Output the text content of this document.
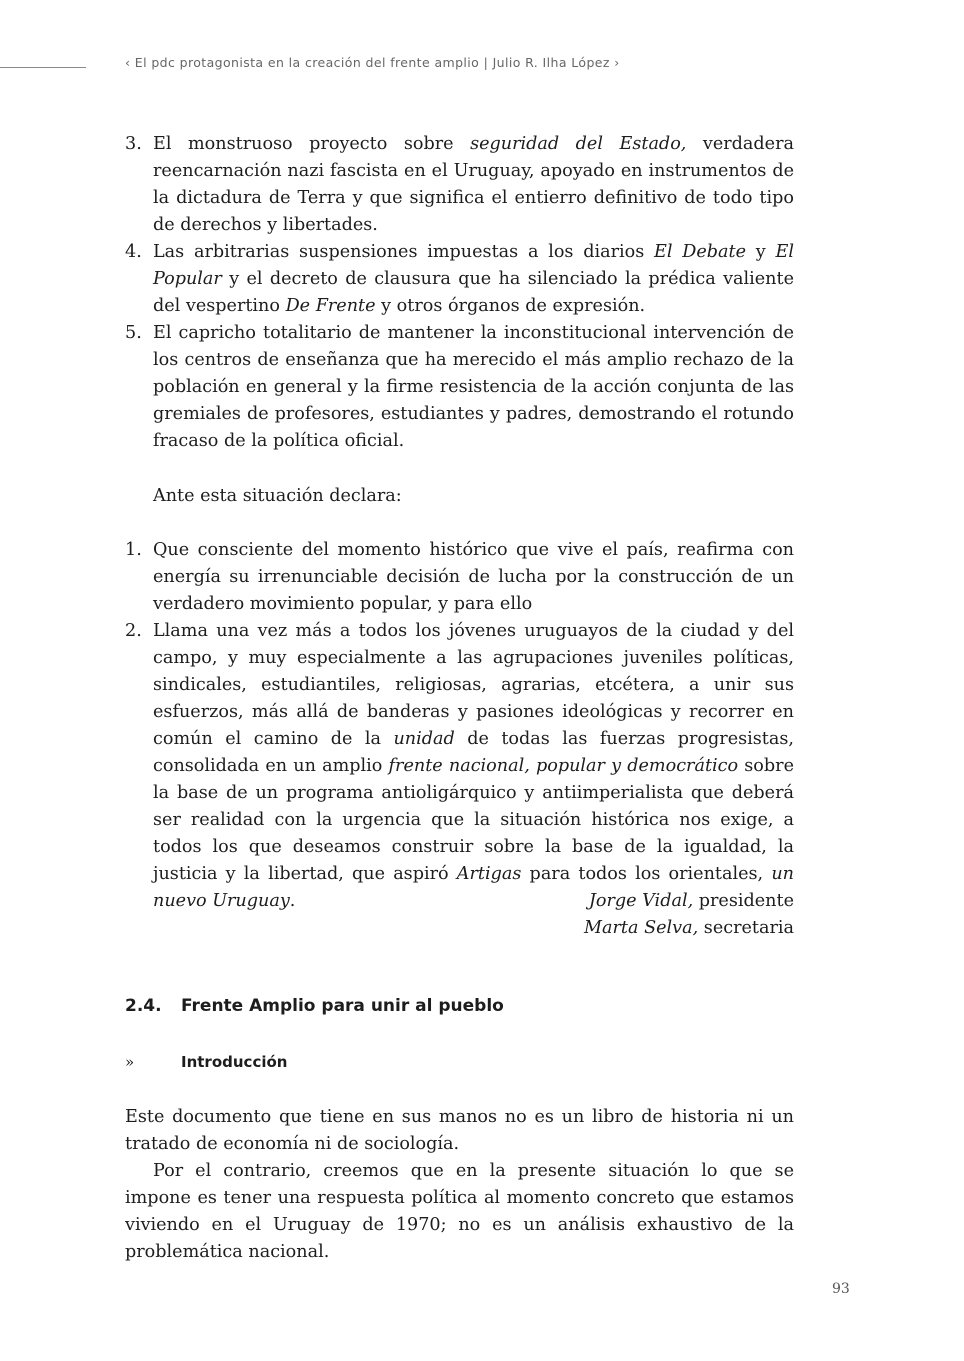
‹ El pdc protagonista en la creación del frente amplio | Julio R. Ilha López ›
3. El monstruoso proyecto sobre seguridad del Estado, verdadera reencarnación nazi fascista en el Uruguay, apoyado en instrumentos de la dictadura de Terra y que significa el entierro definitivo de todo tipo de derechos y libertades.
4. Las arbitrarias suspensiones impuestas a los diarios El Debate y El Popular y el decreto de clausura que ha silenciado la prédica valiente del vespertino De Frente y otros órganos de expresión.
5. El capricho totalitario de mantener la inconstitucional intervención de los centros de enseñanza que ha merecido el más amplio rechazo de la población en general y la firme resistencia de la acción conjunta de las gremiales de profesores, estudiantes y padres, demostrando el rotundo fracaso de la política oficial.
Ante esta situación declara:
1. Que consciente del momento histórico que vive el país, reafirma con energía su irrenunciable decisión de lucha por la construcción de un verdadero movimiento popular, y para ello
2. Llama una vez más a todos los jóvenes uruguayos de la ciudad y del campo, y muy especialmente a las agrupaciones juveniles políticas, sindicales, estudiantiles, religiosas, agrarias, etcétera, a unir sus esfuerzos, más allá de banderas y pasiones ideológicas y recorrer en común el camino de la unidad de todas las fuerzas progresistas, consolidada en un amplio frente nacional, popular y democrático sobre la base de un programa antioligárquico y antiimperialista que deberá ser realidad con la urgencia que la situación histórica nos exige, a todos los que deseamos construir sobre la base de la igualdad, la justicia y la libertad, que aspiró Artigas para todos los orientales, un nuevo Uruguay.	Jorge Vidal, presidente
Marta Selva, secretaria
2.4. Frente Amplio para unir al pueblo
»	Introducción

Este documento que tiene en sus manos no es un libro de historia ni un tratado de economía ni de sociología.

Por el contrario, creemos que en la presente situación lo que se impone es tener una respuesta política al momento concreto que estamos viviendo en el Uruguay de 1970; no es un análisis exhaustivo de la problemática nacional.

93
